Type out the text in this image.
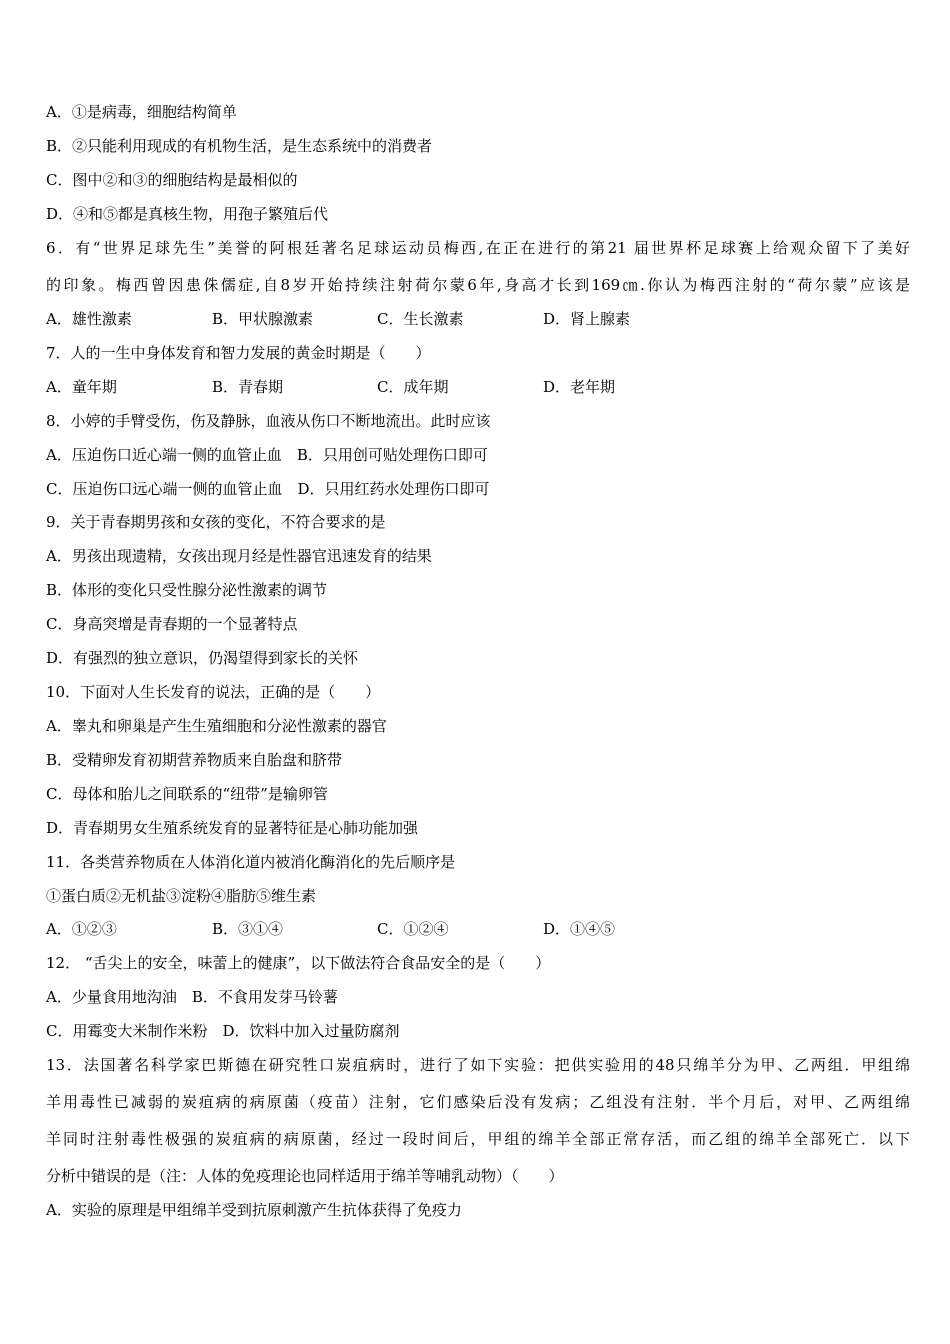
A．①是病毒，细胞结构简单
B．②只能利用现成的有机物生活，是生态系统中的消费者
C．图中②和③的细胞结构是最相似的
D．④和⑤都是真核生物，用孢子繁殖后代
6．有“世界足球先生”美誉的阿根廷著名足球运动员梅西,在正在进行的第21 届世界杯足球赛上给观众留下了美好
的印象。梅西曾因患侏儒症,自8岁开始持续注射荷尔蒙6年,身高才长到169㎝.你认为梅西注射的“荷尔蒙”应该是
A．雄性激素	B．甲状腺激素	C．生长激素	D．肾上腺素
7．人的一生中身体发育和智力发展的黄金时期是（　　）
A．童年期	B．青春期	C．成年期	D．老年期
8．小婷的手臂受伤，伤及静脉，血液从伤口不断地流出。此时应该
A．压迫伤口近心端一侧的血管止血　B．只用创可贴处理伤口即可
C．压迫伤口远心端一侧的血管止血　D．只用红药水处理伤口即可
9．关于青春期男孩和女孩的变化，不符合要求的是
A．男孩出现遗精，女孩出现月经是性器官迅速发育的结果
B．体形的变化只受性腺分泌性激素的调节
C．身高突增是青春期的一个显著特点
D．有强烈的独立意识，仍渴望得到家长的关怀
10．下面对人生长发育的说法，正确的是（　　）
A．睾丸和卵巢是产生生殖细胞和分泌性激素的器官
B．受精卵发育初期营养物质来自胎盘和脐带
C．母体和胎儿之间联系的“纽带”是输卵管
D．青春期男女生殖系统发育的显著特征是心肺功能加强
11．各类营养物质在人体消化道内被消化酶消化的先后顺序是
①蛋白质②无机盐③淀粉④脂肪⑤维生素
A．①②③	B．③①④	C．①②④	D．①④⑤
12． “舌尖上的安全，味蕾上的健康”，以下做法符合食品安全的是（　　）
A．少量食用地沟油　B．不食用发芽马铃薯
C．用霉变大米制作米粉　D．饮料中加入过量防腐剂
13．法国著名科学家巴斯德在研究牲口炭疽病时，进行了如下实验：把供实验用的48只绵羊分为甲、乙两组．甲组绵
羊用毒性已减弱的炭疽病的病原菌（疫苗）注射，它们感染后没有发病；乙组没有注射．半个月后，对甲、乙两组绵
羊同时注射毒性极强的炭疽病的病原菌，经过一段时间后，甲组的绵羊全部正常存活，而乙组的绵羊全部死亡．以下
分析中错误的是（注：人体的免疫理论也同样适用于绵羊等哺乳动物）（　　）
A．实验的原理是甲组绵羊受到抗原刺激产生抗体获得了免疫力
